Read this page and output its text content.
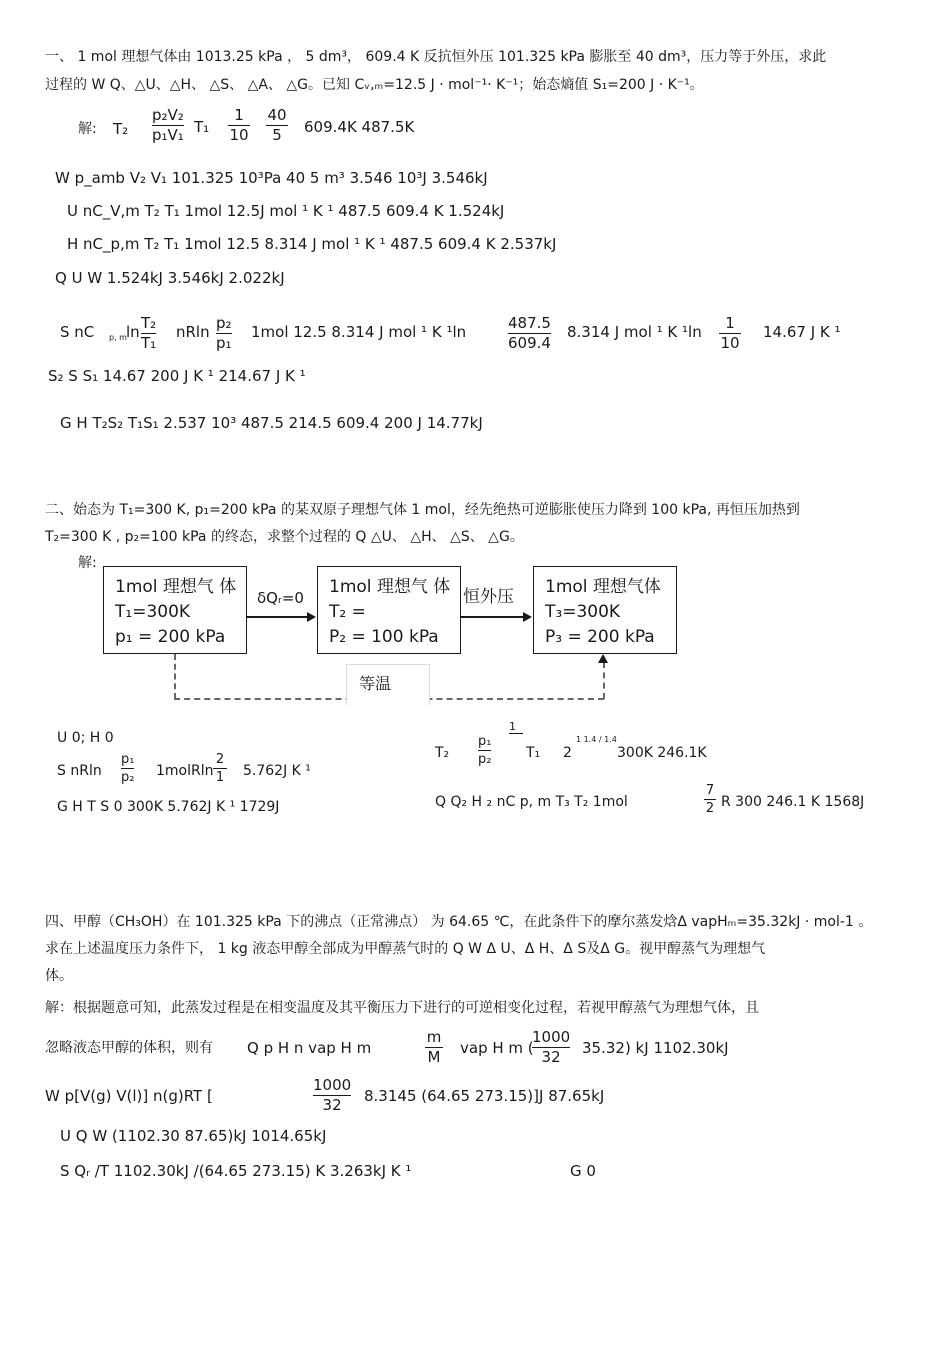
一、 1 mol 理想气体由 1013.25 kPa ， 5 dm³， 609.4 K 反抗恒外压 101.325 kPa 膨胀至 40 dm³，压力等于外压，求此
过程的 W Q、△U、△H、 △S、 △A、 △G。已知 Cᵥ,ₘ=12.5 J · mol⁻¹· K⁻¹；始态熵值 S₁=200 J · K⁻¹。
解: T₂
p₂V₂
p₁V₁ T₁
1
10
40
5	609.4K 487.5K
W p_amb V₂ V₁ 101.325 10³Pa 40 5 m³ 3.546 10³J 3.546kJ
U nC_V,m T₂ T₁ 1mol 12.5J mol ¹ K ¹ 487.5 609.4 K 1.524kJ
H nC_p,m T₂ T₁ 1mol 12.5 8.314 J mol ¹ K ¹ 487.5 609.4 K 2.537kJ
Q U W 1.524kJ 3.546kJ 2.022kJ
S nC p, m ln T₂
T₁
nRln p₂
p₁
1mol 12.5 8.314 J mol ¹ K ¹ln	487.5
609.4
8.314 J mol ¹ K ¹ln	1
10
14.67 J K ¹
S₂ S S₁ 14.67 200 J K ¹ 214.67 J K ¹
G H T₂S₂ T₁S₁ 2.537 10³ 487.5 214.5 609.4 200 J 14.77kJ
二、始态为 T₁=300 K, p₁=200 kPa 的某双原子理想气体 1 mol，经先绝热可逆膨胀使压力降到 100 kPa, 再恒压加热到
T₂=300 K , p₂=100 kPa 的终态，求整个过程的 Q △U、 △H、 △S、 △G。
解:
1mol 理想气 体
T₁=300K
p₁ = 200 kPa
δQᵣ=0
1mol 理想气 体
T₂ =
P₂ = 100 kPa
恒外压 1mol 理想气体
T₃=300K
P₃ = 200 kPa
等温
U 0; H 0
S nRln
p₁
p₂ 1molRln
2
1 5.762J K ¹
G H T S 0 300K 5.762J K ¹ 1729J
1
T₂
p₁
p₂ T₁ 2
1 1.4 / 1.4
300K 246.1K
Q Q₂ H ₂ nC p, m T₃ T₂ 1mol
7
2 R 300 246.1 K 1568J
四、甲醇（CH₃OH）在 101.325 kPa 下的沸点（正常沸点） 为 64.65 ℃，在此条件下的摩尔蒸发焓Δ vapHₘ=35.32kJ · mol-1 。
求在上述温度压力条件下， 1 kg 液态甲醇全部成为甲醇蒸气时的 Q W Δ U、Δ H、Δ S及Δ G。视甲醇蒸气为理想气
体。
解：根据题意可知，此蒸发过程是在相变温度及其平衡压力下进行的可逆相变化过程，若视甲醇蒸气为理想气体，且
忽略液态甲醇的体积，则有 Q p H n vap H m
m
M vap H m (
1000
32	35.32) kJ 1102.30kJ
W p[V(g) V(l)] n(g)RT [
1000
32	8.3145 (64.65 273.15)]J 87.65kJ
U Q W (1102.30 87.65)kJ 1014.65kJ
S Qᵣ /T 1102.30kJ /(64.65 273.15) K 3.263kJ K ¹	G 0
